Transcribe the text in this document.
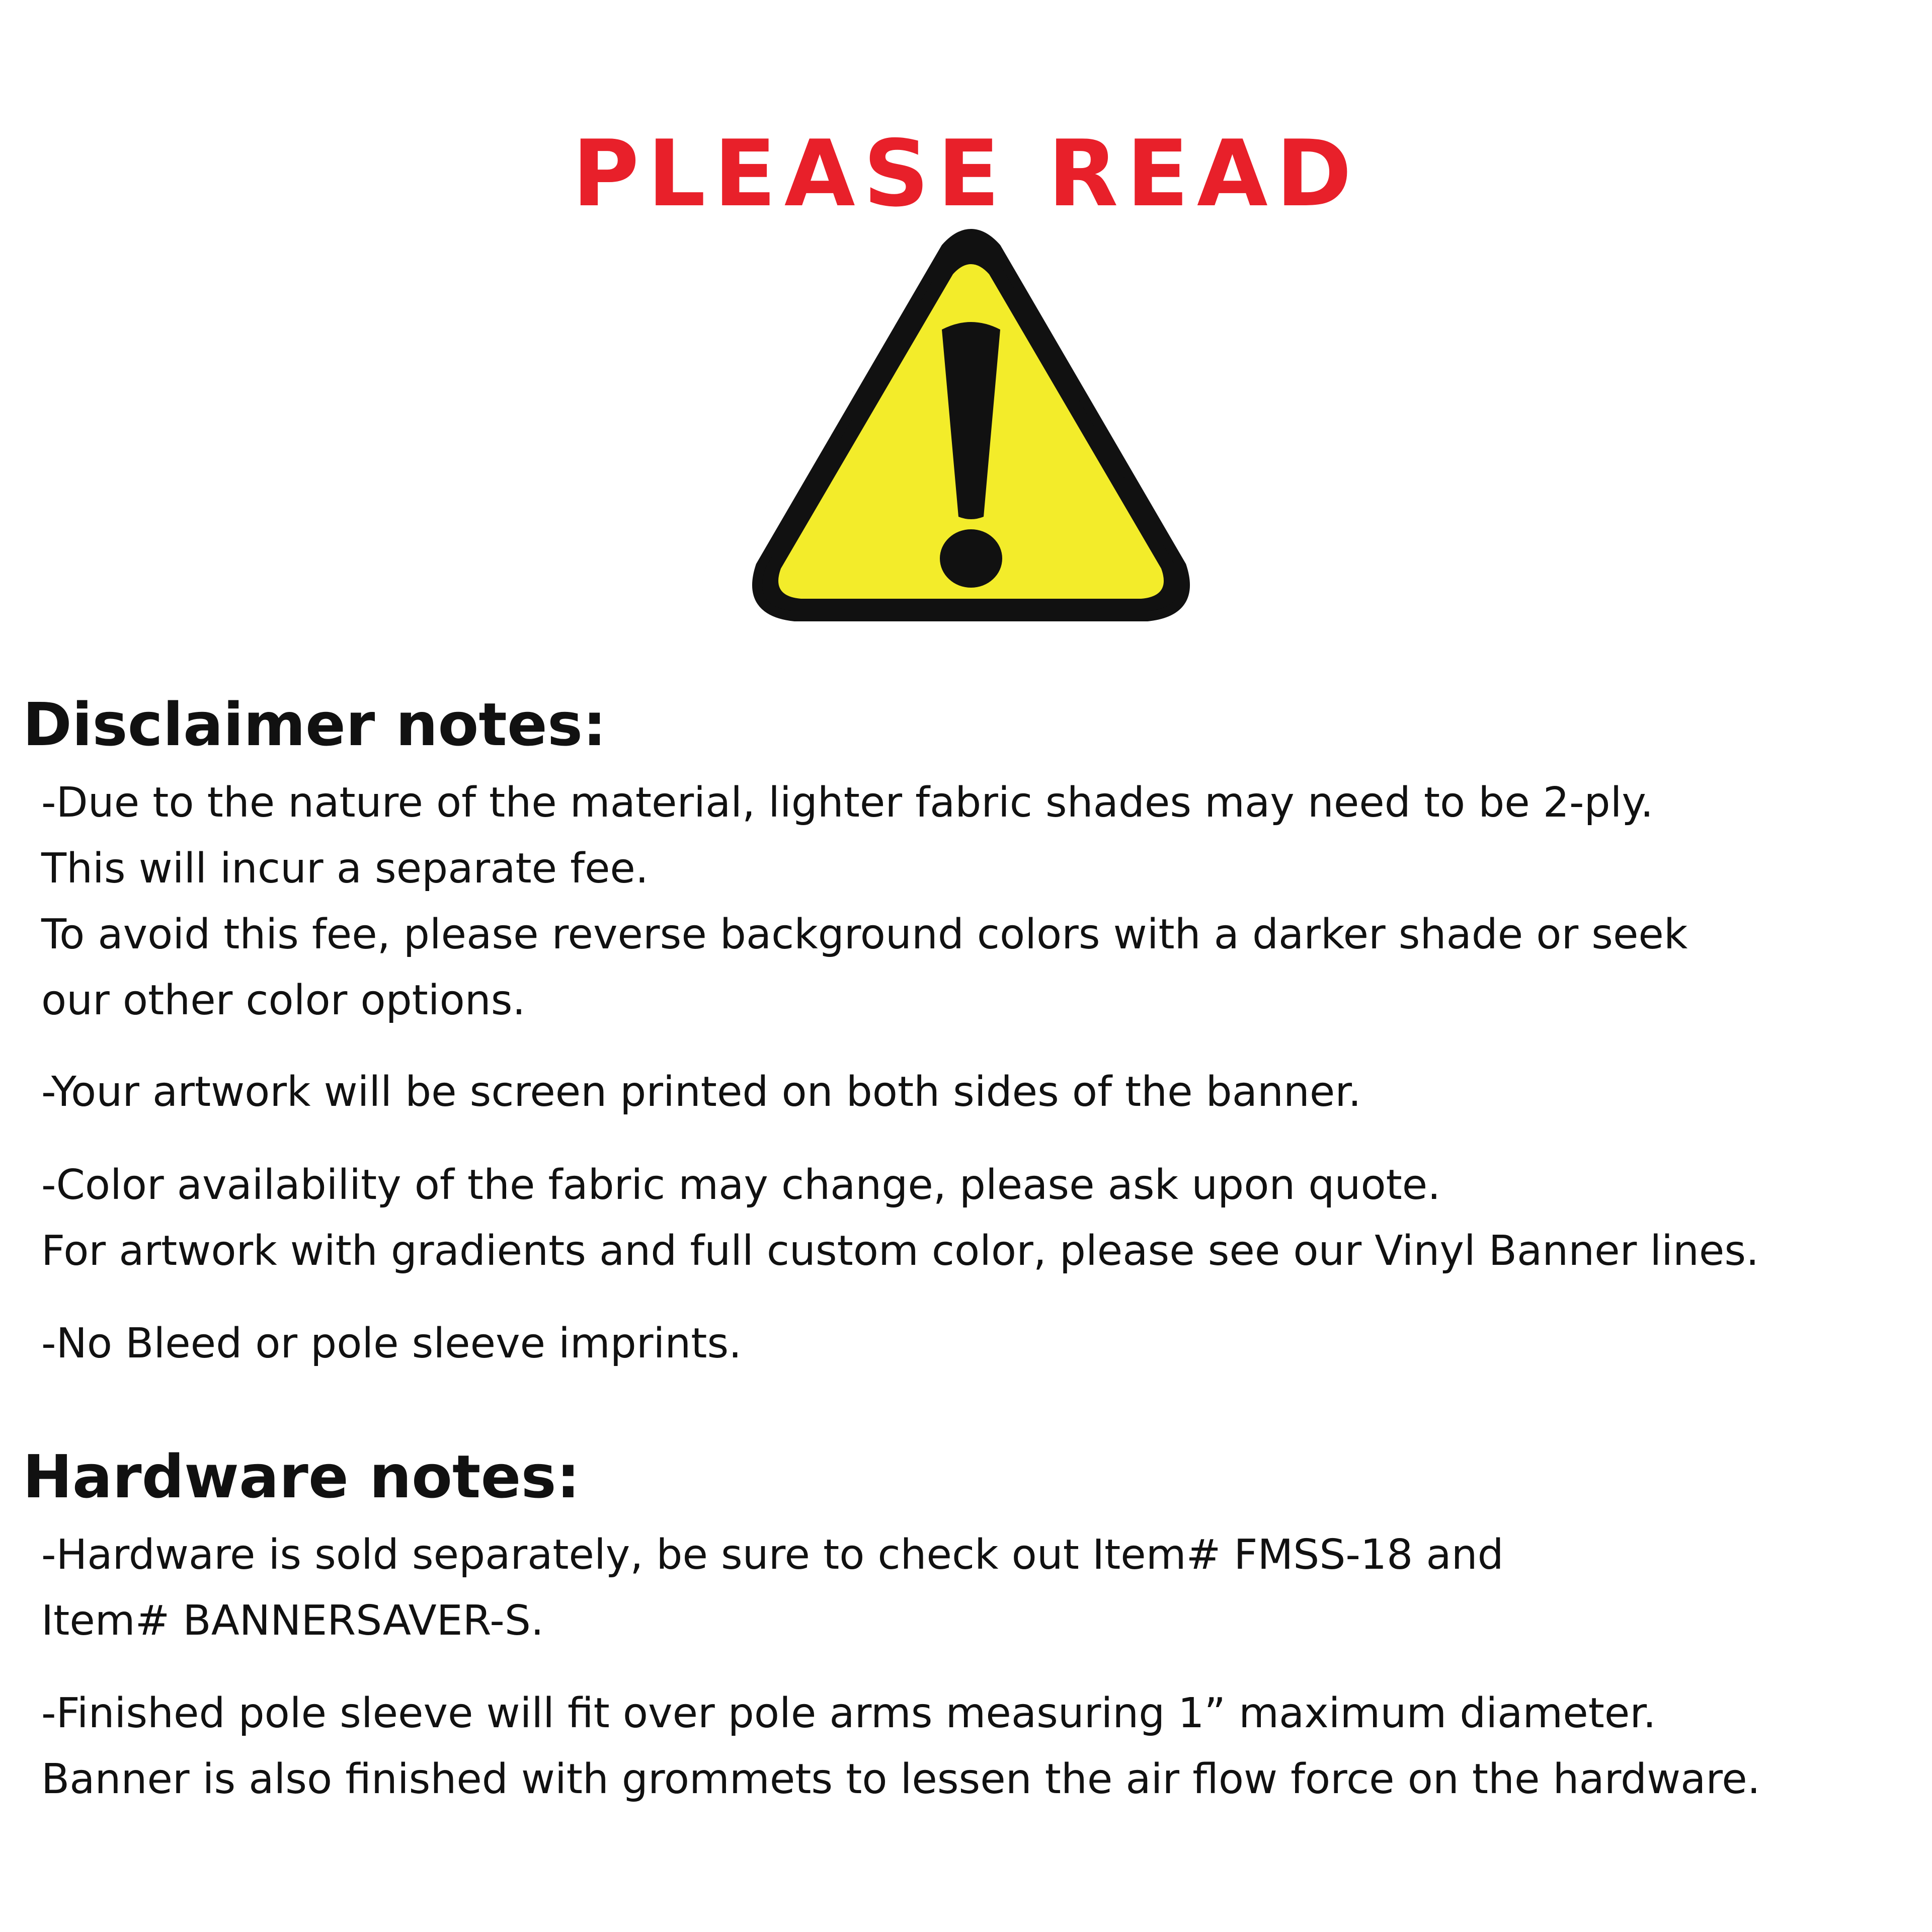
PLEASE READ
Disclaimer notes:

-Due to the nature of the material, lighter fabric shades may need to be 2-ply.
This will incur a separate fee.
To avoid this fee, please reverse background colors with a darker shade or seek
our other color options.

-Your artwork will be screen printed on both sides of the banner.

-Color availability of the fabric may change, please ask upon quote.
For artwork with gradients and full custom color, please see our Vinyl Banner lines.

-No Bleed or pole sleeve imprints.

Hardware notes:

-Hardware is sold separately, be sure to check out Item# FMSS-18 and
Item# BANNERSAVER-S.

-Finished pole sleeve will fit over pole arms measuring 1” maximum diameter.
Banner is also finished with grommets to lessen the air flow force on the hardware.
